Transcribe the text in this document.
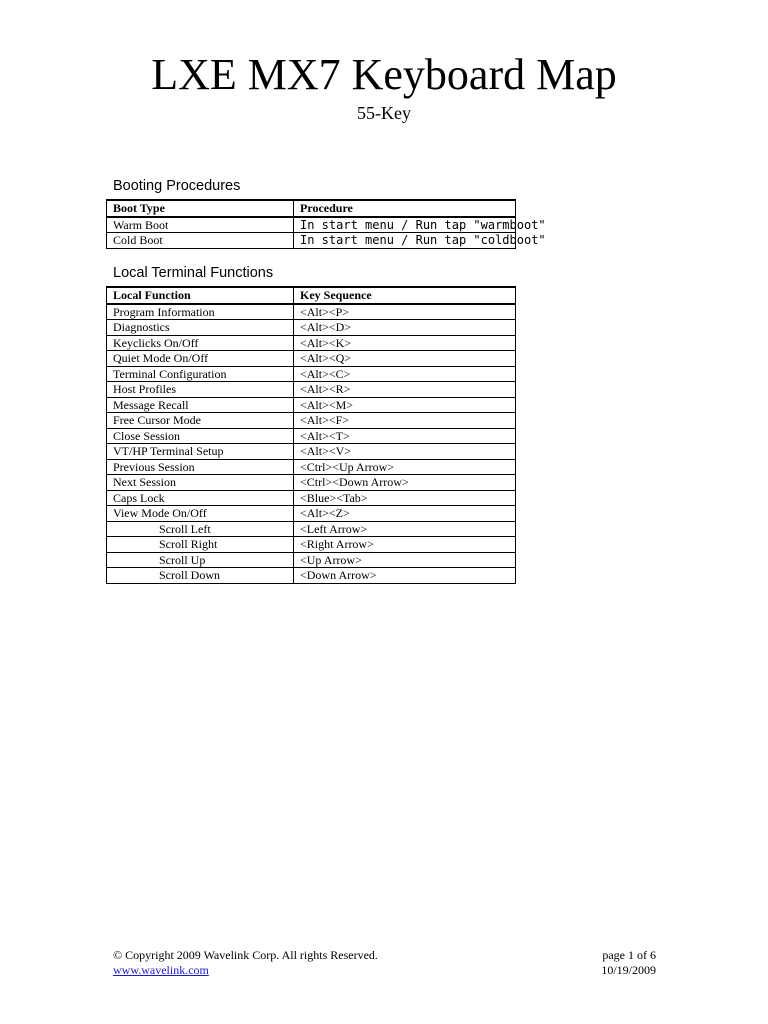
LXE MX7 Keyboard Map
55-Key
Booting Procedures
Boot Type	Procedure
Warm Boot	In start menu / Run tap "warmboot"
Cold Boot	In start menu / Run tap "coldboot"
Local Terminal Functions
Local Function	Key Sequence
Program Information	<Alt><P>
Diagnostics	<Alt><D>
Keyclicks On/Off	<Alt><K>
Quiet Mode On/Off	<Alt><Q>
Terminal Configuration	<Alt><C>
Host Profiles	<Alt><R>
Message Recall	<Alt><M>
Free Cursor Mode	<Alt><F>
Close Session	<Alt><T>
VT/HP Terminal Setup	<Alt><V>
Previous Session	<Ctrl><Up Arrow>
Next Session	<Ctrl><Down Arrow>
Caps Lock	<Blue><Tab>
View Mode On/Off	<Alt><Z>
Scroll Left	<Left Arrow>
Scroll Right	<Right Arrow>
Scroll Up	<Up Arrow>
Scroll Down	<Down Arrow>
© Copyright 2009 Wavelink Corp. All rights Reserved.
www.wavelink.com
page 1 of 6
10/19/2009
